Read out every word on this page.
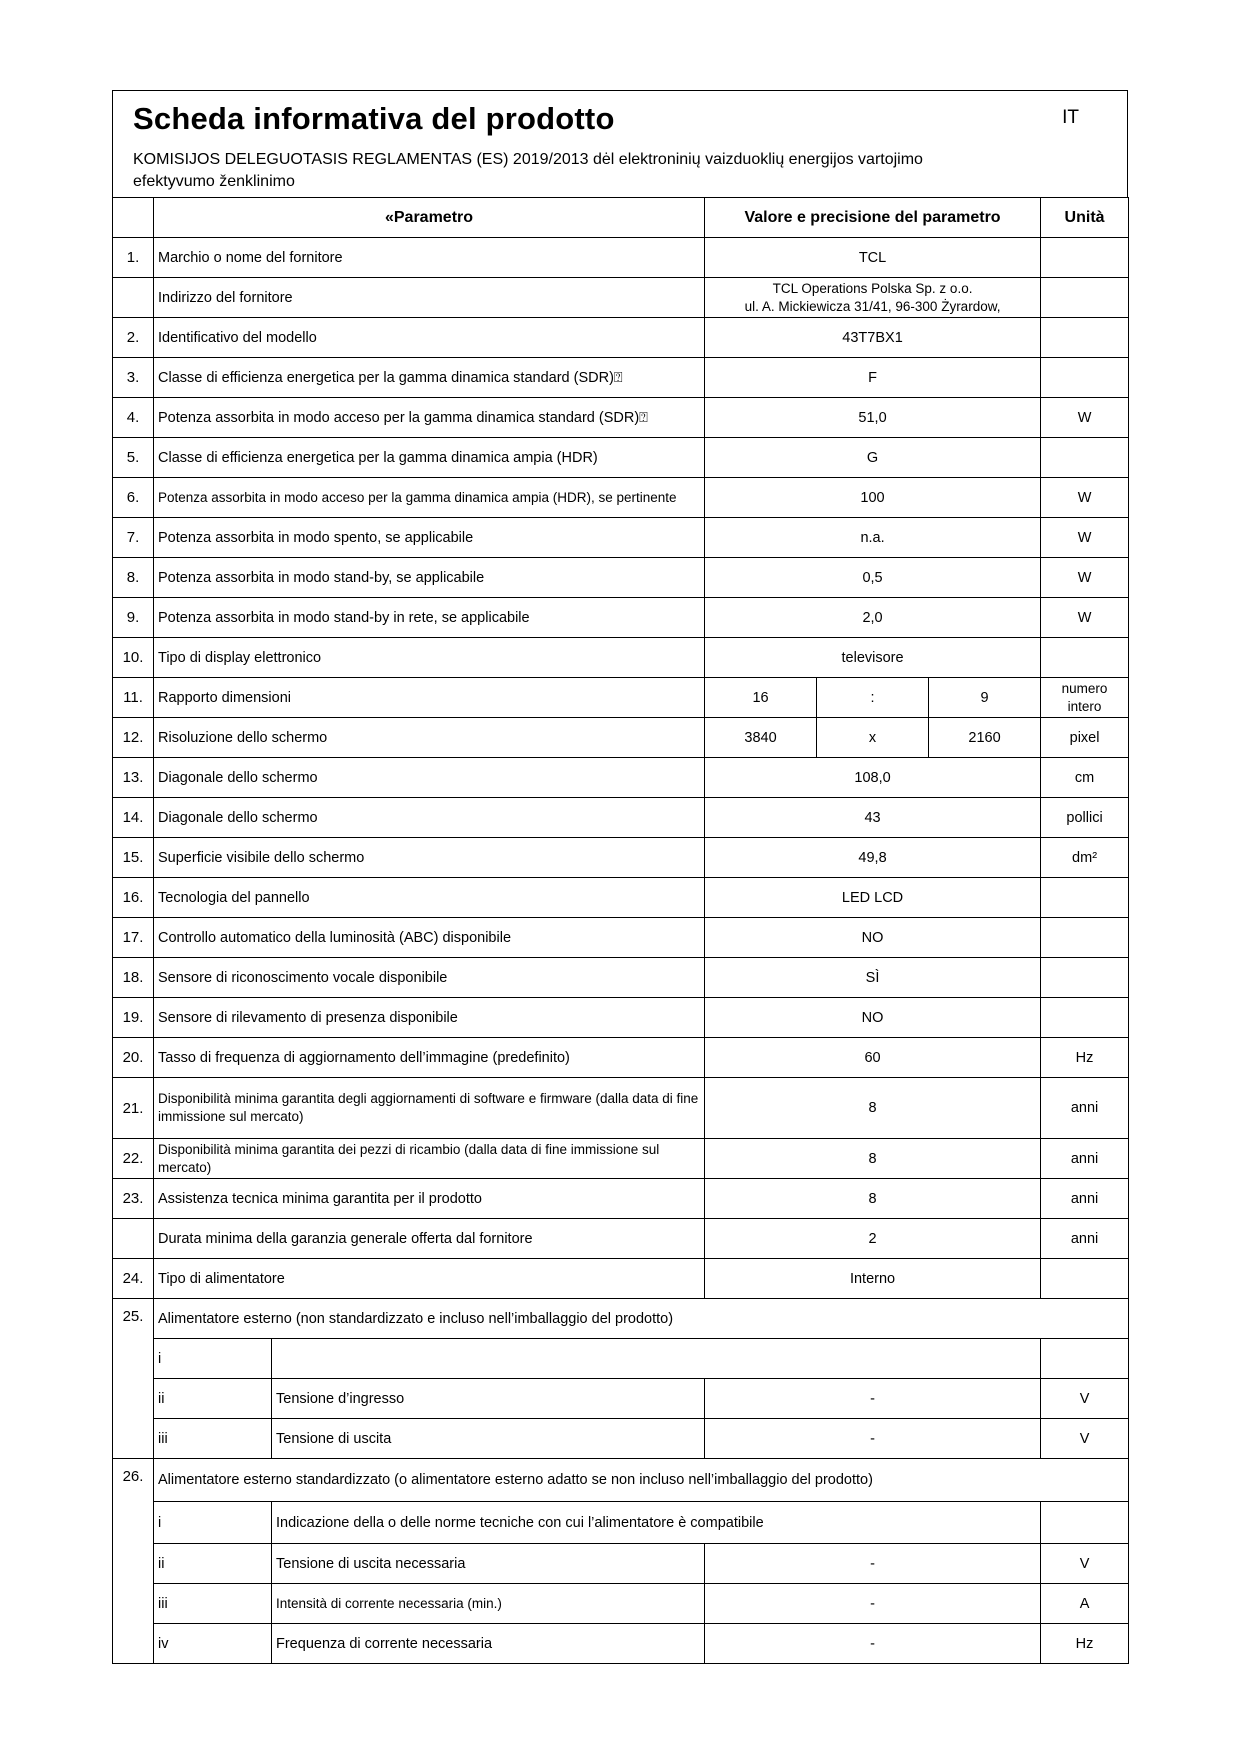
Scheda informativa del prodotto	IT
KOMISIJOS DELEGUOTASIS REGLAMENTAS (ES) 2019/2013 dėl elektroninių vaizduoklių energijos vartojimo efektyvumo ženklinimo
	«Parametro		Valore e precisione del parametro			Unità
1.	Marchio o nome del fornitore		TCL			
	Indirizzo del fornitore		TCL Operations Polska Sp. z o.o.
ul. A. Mickiewicza 31/41, 96-300 Żyrardow,			

2.	Identificativo del modello		43T7BX1			
3.	Classe di efficienza energetica per la gamma dinamica standard (SDR)⍰		F			
4.	Potenza assorbita in modo acceso per la gamma dinamica standard (SDR)⍰		51,0			W
5.	Classe di efficienza energetica per la gamma dinamica ampia (HDR)		G			
6.	Potenza assorbita in modo acceso per la gamma dinamica ampia (HDR), se pertinente		100			W
7.	Potenza assorbita in modo spento, se applicabile		n.a.			W
8.	Potenza assorbita in modo stand-by, se applicabile		0,5			W
9.	Potenza assorbita in modo stand-by in rete, se applicabile		2,0			W
10.	Tipo di display elettronico		televisore			
11.	Rapporto dimensioni		16	:	9	numero intero
12.	Risoluzione dello schermo		3840	x	2160	pixel
13.	Diagonale dello schermo		108,0			cm
14.	Diagonale dello schermo		43			pollici
15.	Superficie visibile dello schermo		49,8			dm²
16.	Tecnologia del pannello		LED LCD			
17.	Controllo automatico della luminosità (ABC) disponibile		NO			
18.	Sensore di riconoscimento vocale disponibile		SÌ			
19.	Sensore di rilevamento di presenza disponibile		NO			
20.	Tasso di frequenza di aggiornamento dell’immagine (predefinito)		60			Hz
21.	Disponibilità minima garantita degli aggiornamenti di software e firmware (dalla data di fine immissione sul mercato)		8			anni
22.	Disponibilità minima garantita dei pezzi di ricambio (dalla data di fine immissione sul mercato)		8			anni
23.	Assistenza tecnica minima garantita per il prodotto		8			anni
	Durata minima della garanzia generale offerta dal fornitore		2			anni
24.	Tipo di alimentatore		Interno			
25.	Alimentatore esterno (non standardizzato e incluso nell’imballaggio del prodotto)					
	i					
	ii	Tensione d’ingresso	-			V
	iii	Tensione di uscita	-			V
26.	Alimentatore esterno standardizzato (o alimentatore esterno adatto se non incluso nell’imballaggio del prodotto)					
	i	Indicazione della o delle norme tecniche con cui l’alimentatore è compatibile				
	ii	Tensione di uscita necessaria	-			V
	iii	Intensità di corrente necessaria (min.)	-			A
	iv	Frequenza di corrente necessaria	-			Hz
